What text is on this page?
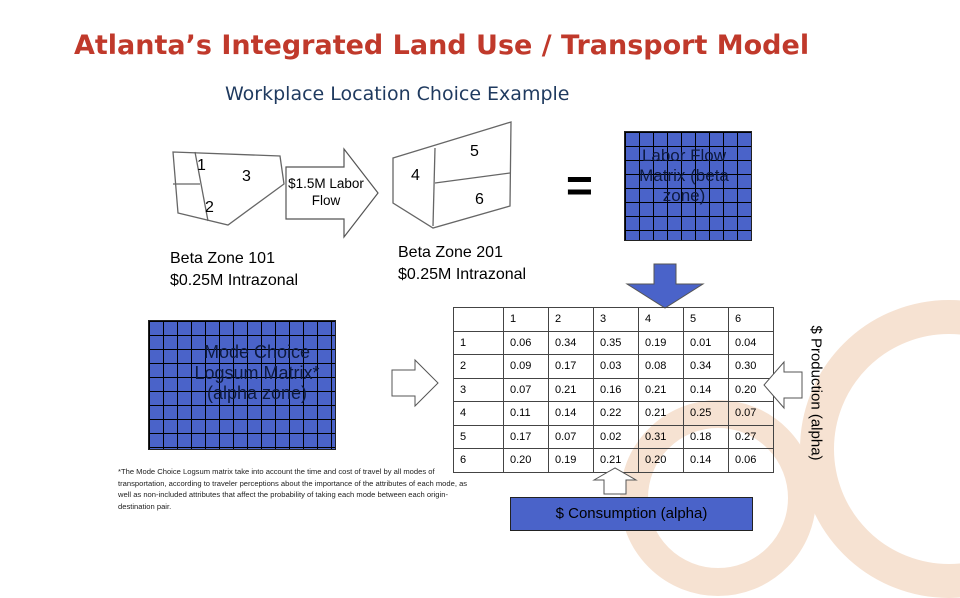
Atlanta’s Integrated Land Use / Transport Model
Workplace Location Choice Example
1
2
3	$1.5M Labor Flow
5
4
6
Beta Zone 101
$0.25M Intrazonal
Beta Zone 201
$0.25M Intrazonal
=
Labor Flow Matrix (beta zone)
Mode Choice Logsum Matrix* (alpha zone)
	1	2	3	4	5	6
1	0.06	0.34	0.35	0.19	0.01	0.04
2	0.09	0.17	0.03	0.08	0.34	0.30
3	0.07	0.21	0.16	0.21	0.14	0.20
4	0.11	0.14	0.22	0.21	0.25	0.07
5	0.17	0.07	0.02	0.31	0.18	0.27
6	0.20	0.19	0.21	0.20	0.14	0.06
$ Production (alpha)
$ Consumption (alpha)
*The Mode Choice Logsum matrix take into account the time and cost of travel by all modes of transportation, according to traveler perceptions about the importance of the attributes of each mode, as well as non-included attributes that affect the probability of taking each mode between each origin-destination pair.
